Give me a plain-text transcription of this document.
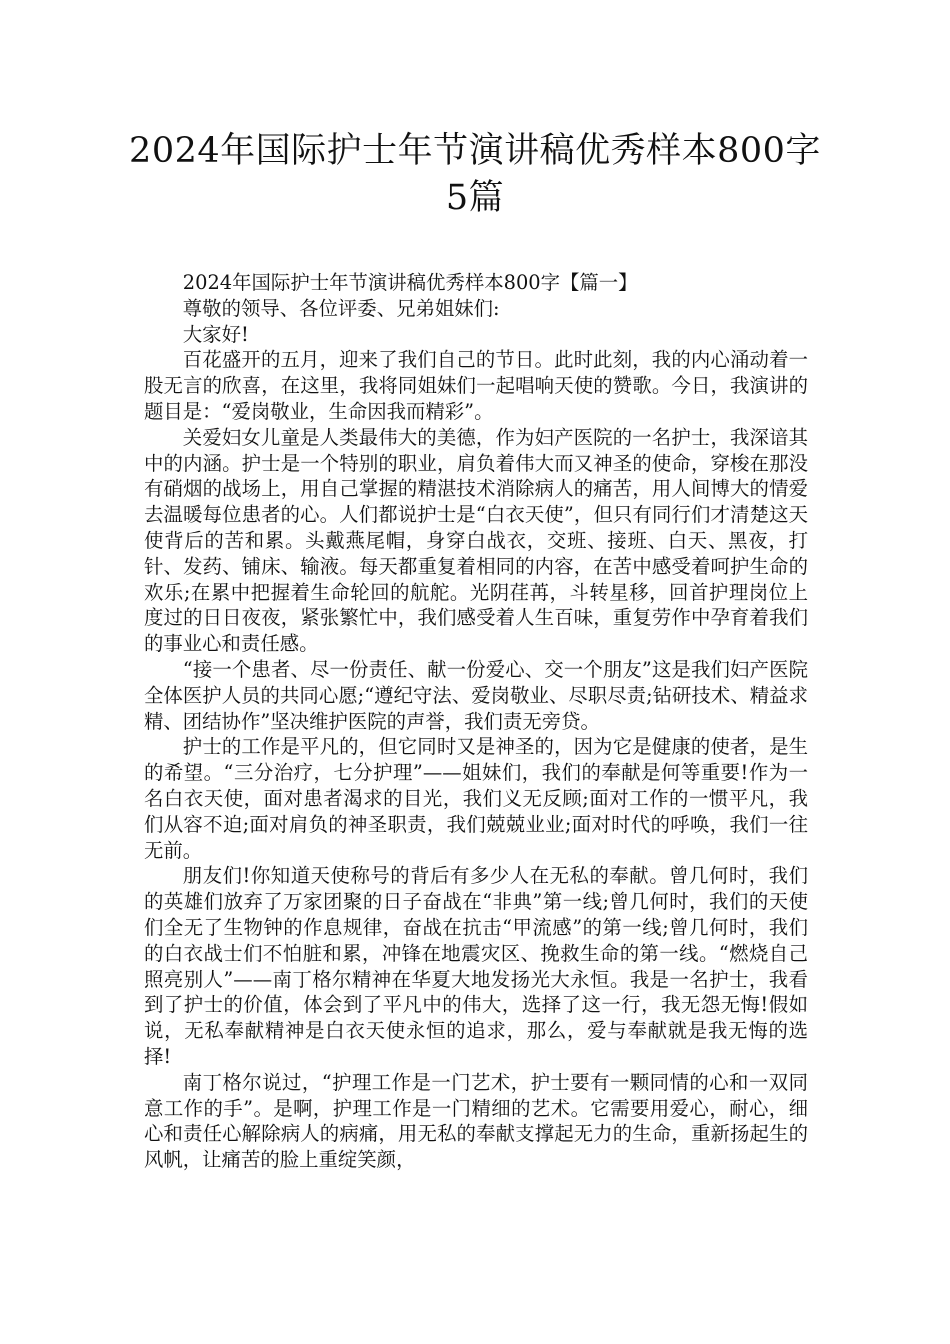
2024年国际护士年节演讲稿优秀样本800字5篇

2024年国际护士年节演讲稿优秀样本800字【篇一】

尊敬的领导、各位评委、兄弟姐妹们:

大家好!

百花盛开的五月，迎来了我们自己的节日。此时此刻，我的内心涌动着一股无言的欣喜，在这里，我将同姐妹们一起唱响天使的赞歌。今日，我演讲的题目是：“爱岗敬业，生命因我而精彩”。

关爱妇女儿童是人类最伟大的美德，作为妇产医院的一名护士，我深谙其中的内涵。护士是一个特别的职业，肩负着伟大而又神圣的使命，穿梭在那没有硝烟的战场上，用自己掌握的精湛技术消除病人的痛苦，用人间博大的情爱去温暖每位患者的心。人们都说护士是“白衣天使”，但只有同行们才清楚这天使背后的苦和累。头戴燕尾帽，身穿白战衣，交班、接班、白天、黑夜，打针、发药、铺床、输液。每天都重复着相同的内容，在苦中感受着呵护生命的欢乐;在累中把握着生命轮回的航舵。光阴荏苒，斗转星移，回首护理岗位上度过的日日夜夜，紧张繁忙中，我们感受着人生百味，重复劳作中孕育着我们的事业心和责任感。

“接一个患者、尽一份责任、献一份爱心、交一个朋友”这是我们妇产医院全体医护人员的共同心愿;“遵纪守法、爱岗敬业、尽职尽责;钻研技术、精益求精、团结协作”坚决维护医院的声誉，我们责无旁贷。

护士的工作是平凡的，但它同时又是神圣的，因为它是健康的使者，是生的希望。“三分治疗，七分护理”——姐妹们，我们的奉献是何等重要!作为一名白衣天使，面对患者渴求的目光，我们义无反顾;面对工作的一惯平凡，我们从容不迫;面对肩负的神圣职责，我们兢兢业业;面对时代的呼唤，我们一往无前。

朋友们!你知道天使称号的背后有多少人在无私的奉献。曾几何时，我们的英雄们放弃了万家团聚的日子奋战在“非典”第一线;曾几何时，我们的天使们全无了生物钟的作息规律，奋战在抗击“甲流感”的第一线;曾几何时，我们的白衣战士们不怕脏和累，冲锋在地震灾区、挽救生命的第一线。“燃烧自己照亮别人”——南丁格尔精神在华夏大地发扬光大永恒。我是一名护士，我看到了护士的价值，体会到了平凡中的伟大，选择了这一行，我无怨无悔!假如说，无私奉献精神是白衣天使永恒的追求，那么，爱与奉献就是我无悔的选择!

南丁格尔说过，“护理工作是一门艺术，护士要有一颗同情的心和一双同意工作的手”。是啊，护理工作是一门精细的艺术。它需要用爱心，耐心，细心和责任心解除病人的病痛，用无私的奉献支撑起无力的生命，重新扬起生的风帆，让痛苦的脸上重绽笑颜，
